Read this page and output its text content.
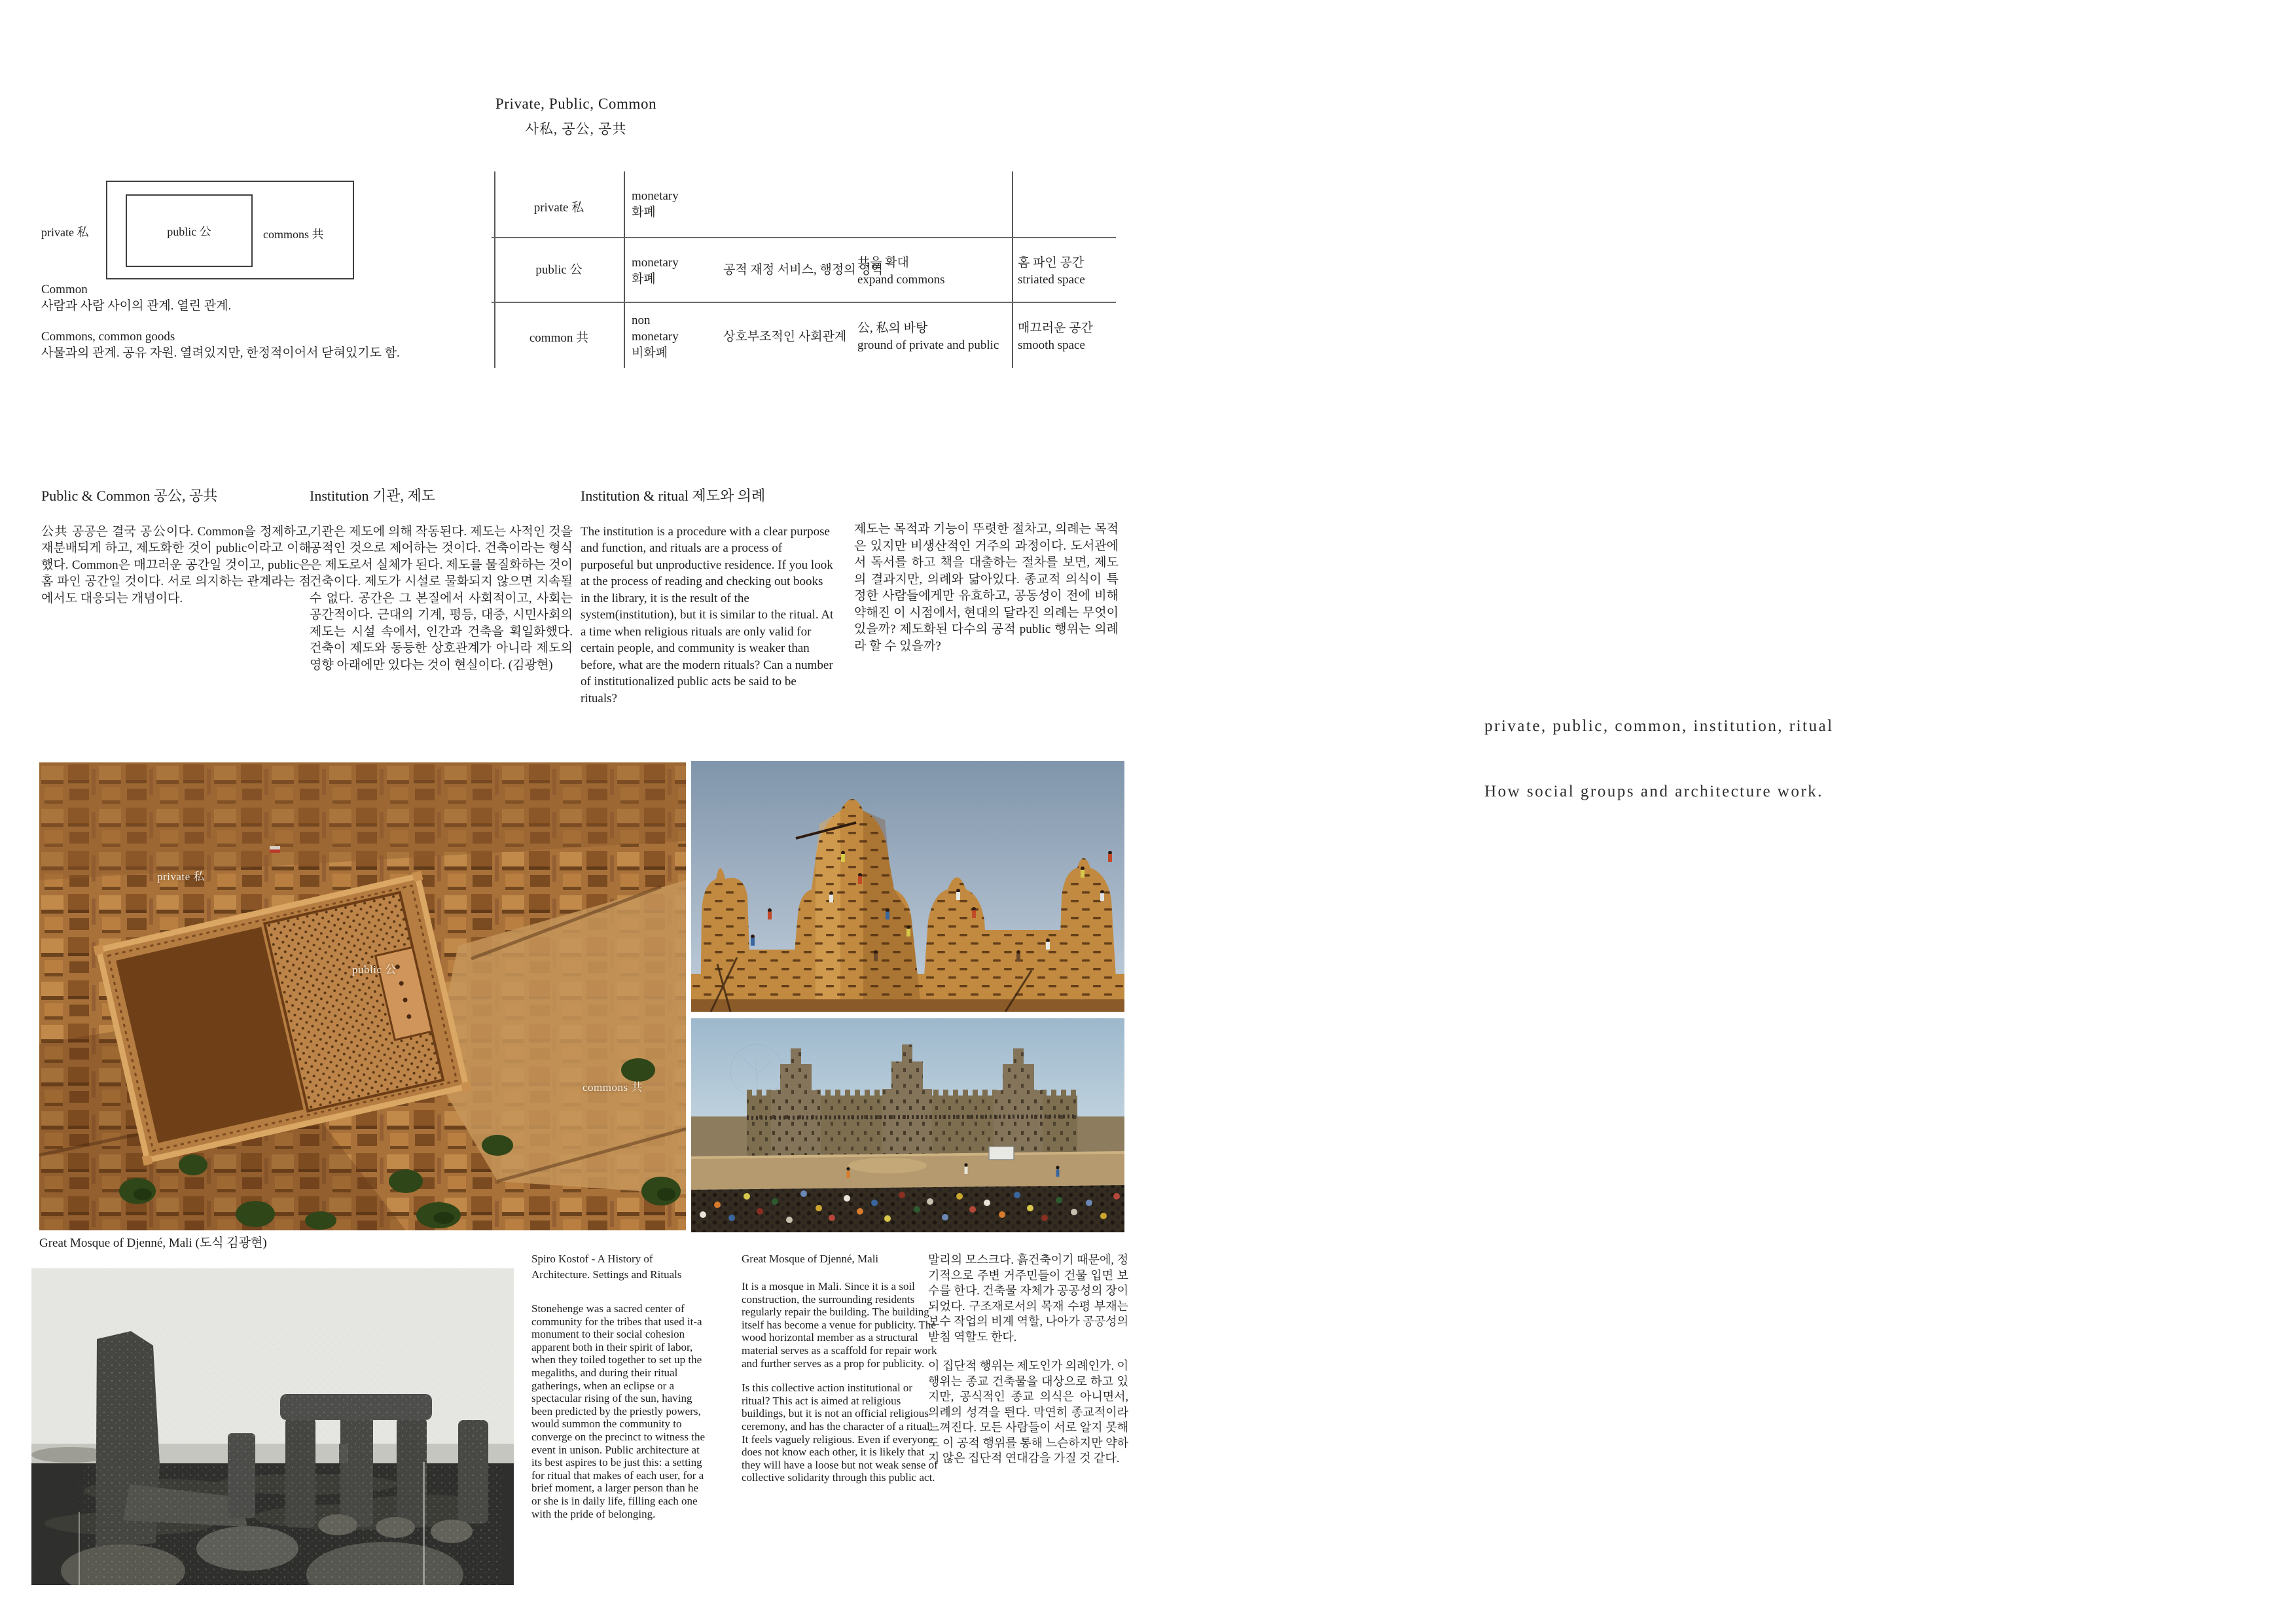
Private, Public, Common
사私, 공公, 공共
private 私	public 公	commons 共
Common
사람과 사람 사이의 관계. 열린 관계.
Commons, common goods
사물과의 관계. 공유 자원. 열려있지만, 한정적이어서 닫혀있기도 함.
private 私
monetary
화폐
public 公
monetary
화폐
공적 재정 서비스, 행정의 영역
共을 확대
expand commons
홈 파인 공간
striated space
common 共
non
monetary
비화폐
상호부조적인 사회관계
公, 私의 바탕
ground of private and public
매끄러운 공간
smooth space
Public & Common 공公, 공共
公共 공공은 결국 공公이다. Common을 정제하고, 재분배되게 하고, 제도화한 것이 public이라고 이해했다. Common은 매끄러운 공간일 것이고, public은 홈 파인 공간일 것이다. 서로 의지하는 관계라는 점에서도 대응되는 개념이다.
Institution 기관, 제도
기관은 제도에 의해 작동된다. 제도는 사적인 것을 공적인 것으로 제어하는 것이다. 건축이라는 형식은 제도로서 실체가 된다. 제도를 물질화하는 것이 건축이다. 제도가 시설로 물화되지 않으면 지속될 수 없다. 공간은 그 본질에서 사회적이고, 사회는 공간적이다. 근대의 기계, 평등, 대중, 시민사회의 제도는 시설 속에서, 인간과 건축을 획일화했다. 건축이 제도와 동등한 상호관계가 아니라 제도의 영향 아래에만 있다는 것이 현실이다. (김광현)
Institution & ritual 제도와 의례
The institution is a procedure with a clear purpose and function, and rituals are a process of purposeful but unproductive residence. If you look at the process of reading and checking out books in the library, it is the result of the system(institution), but it is similar to the ritual. At a time when religious rituals are only valid for certain people, and community is weaker than before, what are the modern rituals? Can a number of institutionalized public acts be said to be rituals?
제도는 목적과 기능이 뚜렷한 절차고, 의례는 목적은 있지만 비생산적인 거주의 과정이다. 도서관에서 독서를 하고 책을 대출하는 절차를 보면, 제도의 결과지만, 의례와 닮아있다. 종교적 의식이 특정한 사람들에게만 유효하고, 공동성이 전에 비해 약해진 이 시점에서, 현대의 달라진 의례는 무엇이 있을까? 제도화된 다수의 공적 public 행위는 의례라 할 수 있을까?
private, public, common, institution, ritual
How social groups and architecture work.
private 私
public 公
commons 共
Great Mosque of Djenné, Mali (도식 김광현)
Spiro Kostof - A History of Architecture. Settings and Rituals
Stonehenge was a sacred center of community for the tribes that used it-a monument to their social cohesion apparent both in their spirit of labor, when they toiled together to set up the megaliths, and during their ritual gatherings, when an eclipse or a spectacular rising of the sun, having been predicted by the priestly powers, would summon the community to converge on the precinct to witness the event in unison. Public architecture at its best aspires to be just this: a setting for ritual that makes of each user, for a brief moment, a larger person than he or she is in daily life, filling each one with the pride of belonging.
Great Mosque of Djenné, Mali

It is a mosque in Mali. Since it is a soil construction, the surrounding residents regularly repair the building. The building itself has become a venue for publicity. The wood horizontal member as a structural material serves as a scaffold for repair work and further serves as a prop for publicity.

Is this collective action institutional or ritual? This act is aimed at religious buildings, but it is not an official religious ceremony, and has the character of a ritual. It feels vaguely religious. Even if everyone does not know each other, it is likely that they will have a loose but not weak sense of collective solidarity through this public act.

말리의 모스크다. 흙건축이기 때문에, 정기적으로 주변 거주민들이 건물 입면 보수를 한다. 건축물 자체가 공공성의 장이 되었다. 구조재로서의 목재 수평 부재는 보수 작업의 비계 역할, 나아가 공공성의 받침 역할도 한다.

이 집단적 행위는 제도인가 의례인가. 이 행위는 종교 건축물을 대상으로 하고 있지만, 공식적인 종교 의식은 아니면서, 의례의 성격을 띈다. 막연히 종교적이라 느껴진다. 모든 사람들이 서로 알지 못해도 이 공적 행위를 통해 느슨하지만 약하지 않은 집단적 연대감을 가질 것 같다.
